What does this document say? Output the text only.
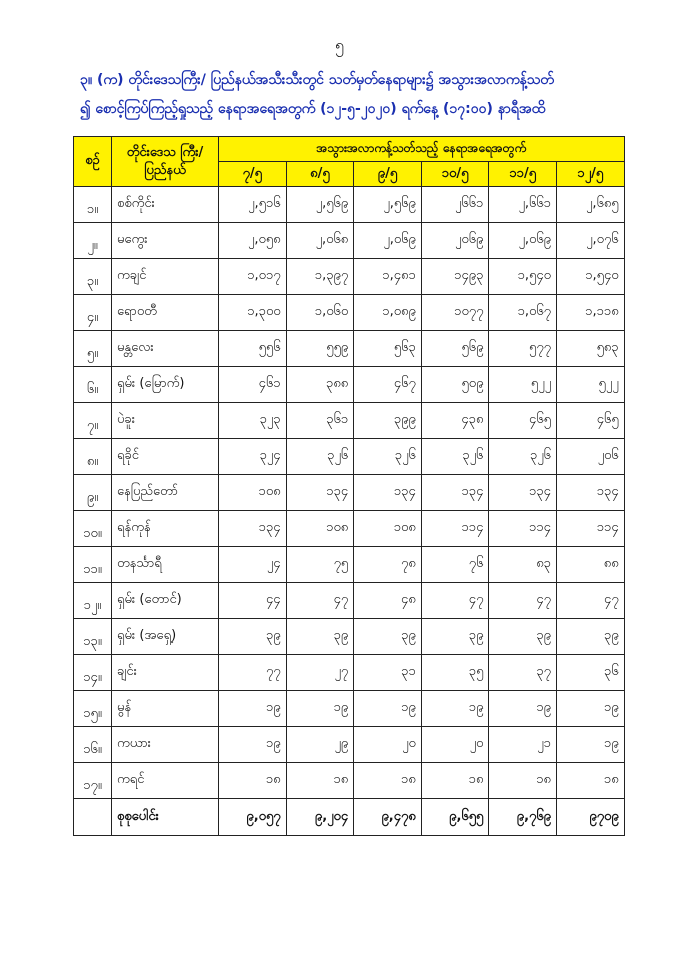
၅
၃။ (က) တိုင်းဒေသကြီး/ ပြည်နယ်အသီးသီးတွင် သတ်မှတ်နေရာများ၌ အသွားအလာကန့်သတ်
၍ စောင့်ကြပ်ကြည့်ရှုသည့် နေရာအရေအတွက် (၁၂-၅-၂၀၂၀) ရက်နေ့ (၁၇:၀၀) နာရီအထိ
စဉ်	တိုင်းဒေသ ကြီး/ ပြည်နယ်	အသွားအလာကန့်သတ်သည့် နေရာအရေအတွက်					
		၇/၅	၈/၅	၉/၅	၁၀/၅	၁၁/၅	၁၂/၅
၁။	စစ်ကိုင်း	၂,၅၁၆	၂,၅၆၉	၂,၅၆၉	၂၆၆၁	၂,၆၆၁	၂,၆၈၅
၂။	မကွေး	၂,၀၅၈	၂,၀၆၈	၂,၀၆၉	၂၀၆၉	၂,၀၆၉	၂,၀၇၆
၃။	ကချင်	၁,၀၁၇	၁,၃၉၇	၁,၄၈၁	၁၄၉၃	၁,၅၄၀	၁,၅၄၀
၄။	ရောဝတီ	၁,၃၀၀	၁,၀၆၀	၁,၀၈၉	၁၀၇၇	၁,၀၆၇	၁,၁၁၈
၅။	မန္တလေး	၅၅၆	၅၅၉	၅၆၃	၅၆၉	၅၇၇	၅၈၃
၆။	ရှမ်း (မြောက်)	၄၆၁	၃၈၈	၄၆၇	၅၀၉	၅၂၂	၅၂၂
၇။	ပဲခူး	၃၂၃	၃၆၁	၃၉၉	၄၃၈	၄၆၅	၄၆၅
၈။	ရခိုင်	၃၂၄	၃၂၆	၃၂၆	၃၂၆	၃၂၆	၂၀၆
၉။	နေပြည်တော်	၁၀၈	၁၃၄	၁၃၄	၁၃၄	၁၃၄	၁၃၄
၁၀။	ရန်ကုန်	၁၃၄	၁၀၈	၁၀၈	၁၁၄	၁၁၄	၁၁၄
၁၁။	တနင်္သာရီ	၂၄	၇၅	၇၈	၇၆	၈၃	၈၈
၁၂။	ရှမ်း (တောင်)	၄၄	၄၇	၄၈	၄၇	၄၇	၄၇
၁၃။	ရှမ်း (အရှေ့)	၃၉	၃၉	၃၉	၃၉	၃၉	၃၉
၁၄။	ချင်း	၇၇	၂၇	၃၁	၃၅	၃၇	၃၆
၁၅။	မွန်	၁၉	၁၉	၁၉	၁၉	၁၉	၁၉
၁၆။	ကယား	၁၉	၂၉	၂၀	၂၀	၂၁	၁၉
၁၇။	ကရင်	၁၈	၁၈	၁၈	၁၈	၁၈	၁၈
	စုစုပေါင်း	၉,၀၅၇	၉,၂၀၄	၉,၄၇၈	၉,၆၅၅	၉,၇၆၉	၉၇၀၉
